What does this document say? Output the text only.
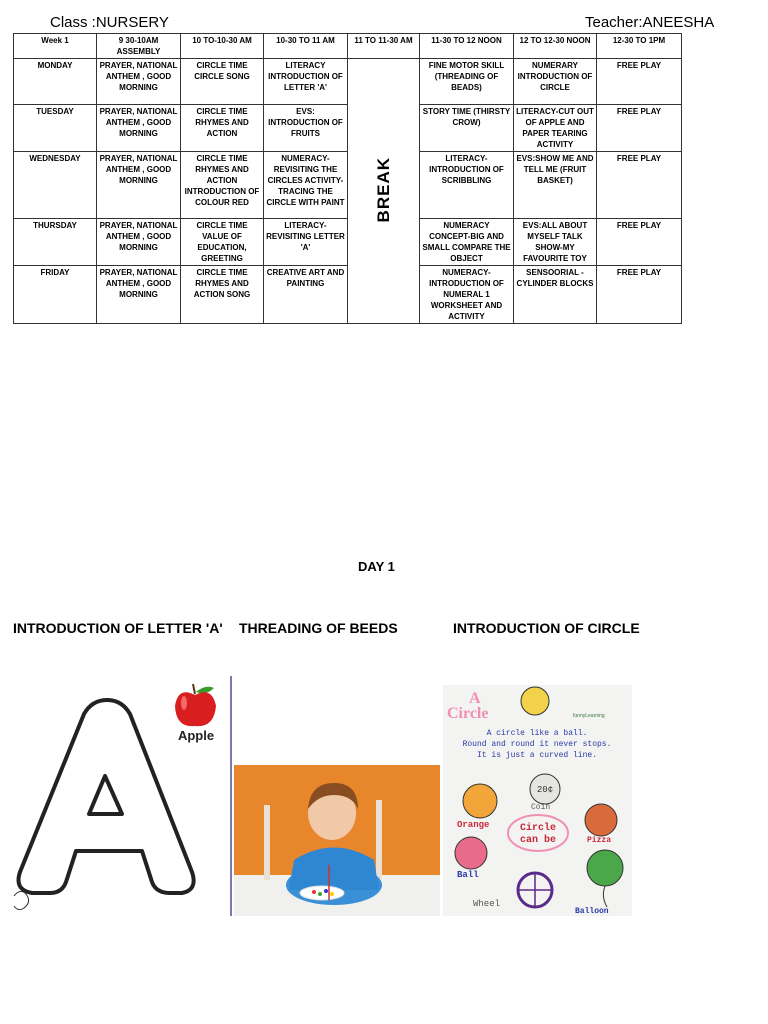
Class :NURSERY	Teacher:ANEESHA
Week 1	9 30-10AM ASSEMBLY	10 TO-10-30 AM	10-30 TO 11 AM	11 TO 11-30 AM	11-30 TO 12 NOON	12 TO 12-30 NOON	12-30 TO 1PM
MONDAY	PRAYER, NATIONAL ANTHEM , GOOD MORNING	CIRCLE TIME CIRCLE SONG	LITERACY INTRODUCTION OF LETTER 'A'	BREAK	FINE MOTOR SKILL (THREADING OF BEADS)	NUMERARY INTRODUCTION OF CIRCLE	FREE PLAY
TUESDAY	PRAYER, NATIONAL ANTHEM , GOOD MORNING	CIRCLE TIME RHYMES AND ACTION	EVS: INTRODUCTION OF FRUITS		STORY TIME (THIRSTY CROW)	LITERACY-CUT OUT OF APPLE AND PAPER TEARING ACTIVITY	FREE PLAY
WEDNESDAY	PRAYER, NATIONAL ANTHEM , GOOD MORNING	CIRCLE TIME RHYMES AND ACTION INTRODUCTION OF COLOUR RED	NUMERACY- REVISITING THE CIRCLES ACTIVITY- TRACING THE CIRCLE WITH PAINT		LITERACY- INTRODUCTION OF SCRIBBLING	EVS:SHOW ME AND TELL ME (FRUIT BASKET)	FREE PLAY
THURSDAY	PRAYER, NATIONAL ANTHEM , GOOD MORNING	CIRCLE TIME VALUE OF EDUCATION, GREETING	LITERACY- REVISITING LETTER 'A'		NUMERACY CONCEPT-BIG AND SMALL COMPARE THE OBJECT	EVS:ALL ABOUT MYSELF TALK SHOW-MY FAVOURITE TOY	FREE PLAY
FRIDAY	PRAYER, NATIONAL ANTHEM , GOOD MORNING	CIRCLE TIME RHYMES AND ACTION SONG	CREATIVE ART AND PAINTING		NUMERACY- INTRODUCTION OF NUMERAL 1 WORKSHEET AND ACTIVITY	SENSOORIAL - CYLINDER BLOCKS	FREE PLAY
DAY 1
INTRODUCTION OF LETTER 'A' THREADING OF BEEDS	INTRODUCTION OF CIRCLE
Apple
A
Circle	funnyLearning
A circle like a ball.
Round and round it never stops.
It is just a curved line.
Orange
20¢
Coin
Pizza
Circle
can be
Ball
Wheel
Balloon
